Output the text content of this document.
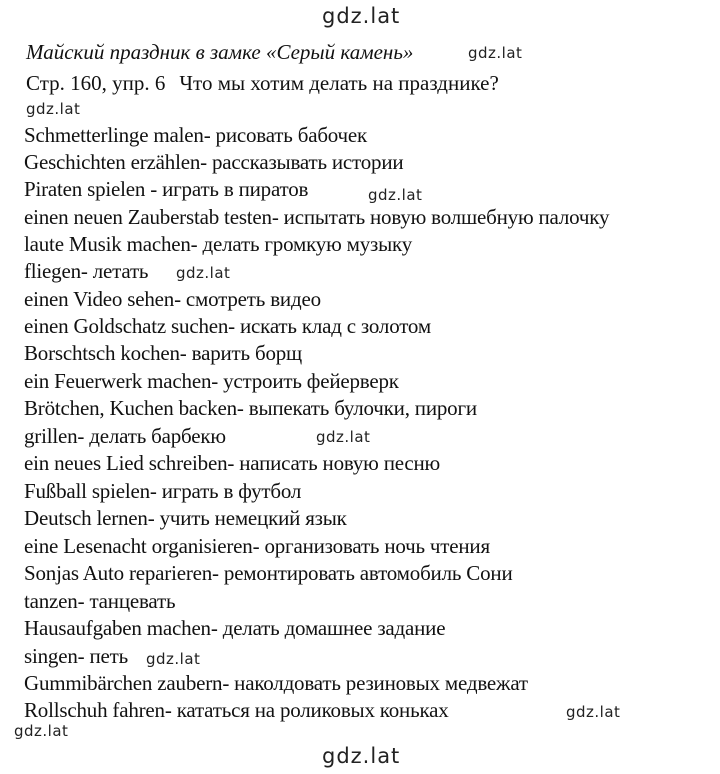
gdz.lat
Майский праздник в замке «Серый камень»	gdz.lat
Стр. 160, упр. 6 Что мы хотим делать на празднике?
gdz.lat
Schmetterlinge malen- рисовать бабочек
Geschichten erzählen- рассказывать истории
Piraten spielen - играть в пиратов
einen neuen Zauberstab testen- испытать новую волшебную палочку
laute Musik machen- делать громкую музыку
fliegen- летать
einen Video sehen- смотреть видео
einen Goldschatz suchen- искать клад с золотом
Borschtsch kochen- варить борщ
ein Feuerwerk machen- устроить фейерверк
Brötchen, Kuchen backen- выпекать булочки, пироги
grillen- делать барбекю
ein neues Lied schreiben- написать новую песню
Fußball spielen- играть в футбол
Deutsch lernen- учить немецкий язык
eine Lesenacht organisieren- организовать ночь чтения
Sonjas Auto reparieren- ремонтировать автомобиль Сони
tanzen- танцевать
Hausaufgaben machen- делать домашнее задание
singen- петь
Gummibärchen zaubern- наколдовать резиновых медвежат
Rollschuh fahren- кататься на роликовых коньках
gdz.lat
gdz.lat
gdz.lat
gdz.lat
gdz.lat
gdz.lat
gdz.lat
